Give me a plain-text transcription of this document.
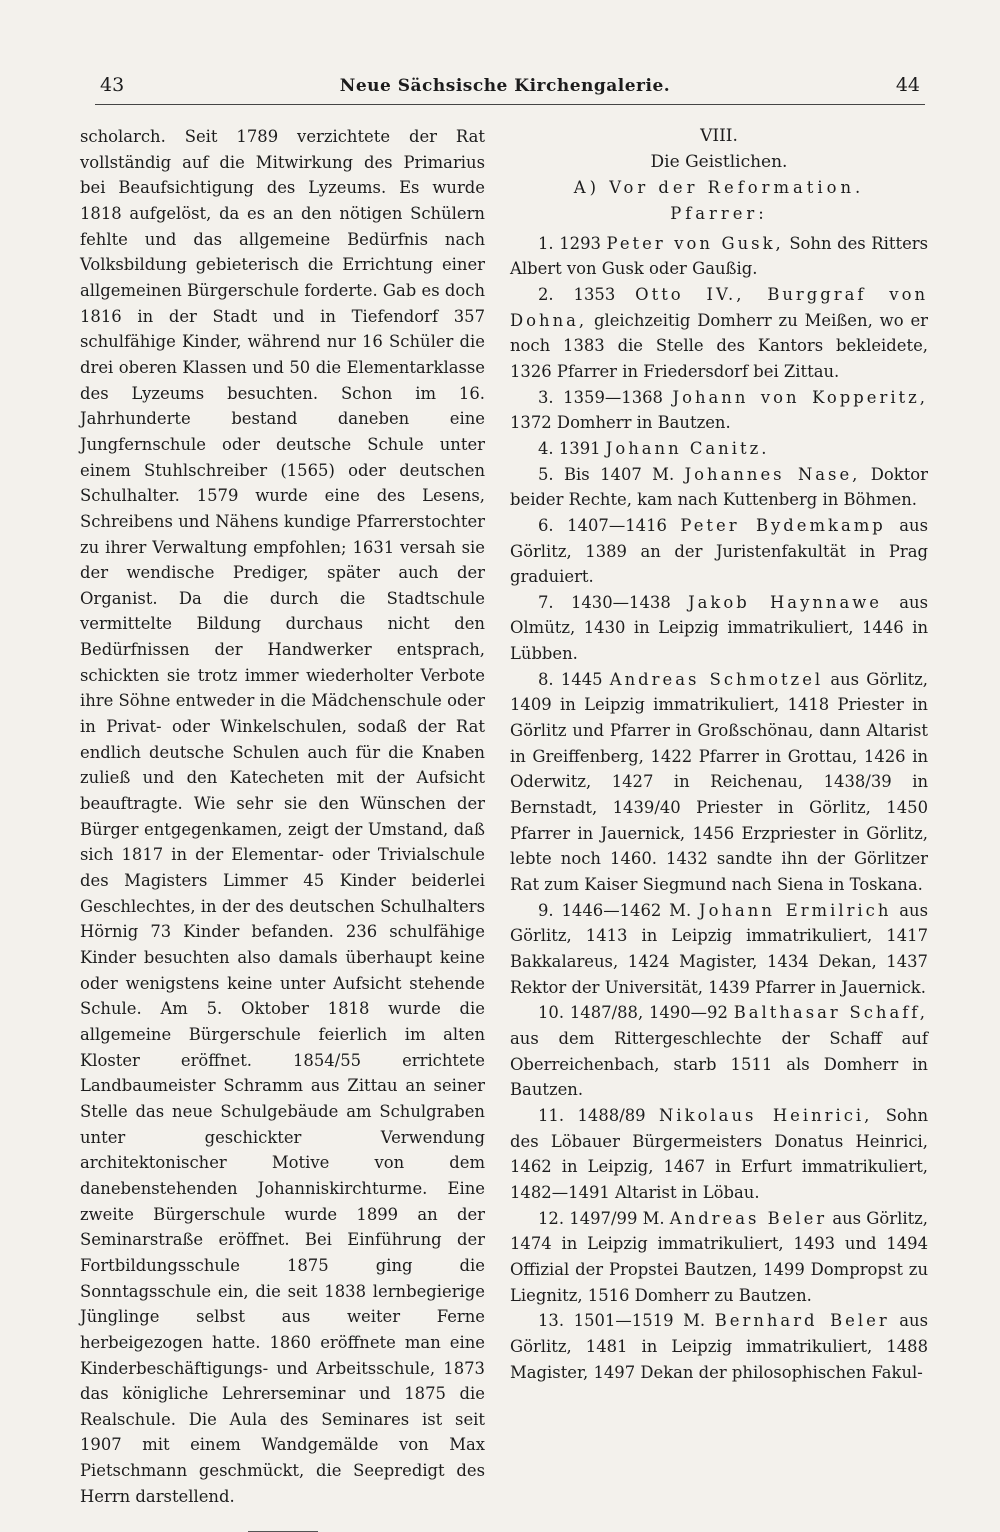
43	Neue Sächsische Kirchengalerie.	44

scholarch. Seit 1789 verzichtete der Rat vollständig auf die Mitwirkung des Primarius bei Beaufsichtigung des Lyzeums. Es wurde 1818 aufgelöst, da es an den nötigen Schülern fehlte und das allgemeine Bedürfnis nach Volksbildung gebieterisch die Errichtung einer allgemeinen Bürgerschule forderte. Gab es doch 1816 in der Stadt und in Tiefendorf 357 schulfähige Kinder, während nur 16 Schüler die drei oberen Klassen und 50 die Elementarklasse des Lyzeums besuchten. Schon im 16. Jahrhunderte bestand daneben eine Jungfernschule oder deutsche Schule unter einem Stuhlschreiber (1565) oder deutschen Schulhalter. 1579 wurde eine des Lesens, Schreibens und Nähens kundige Pfarrerstochter zu ihrer Verwaltung empfohlen; 1631 versah sie der wendische Prediger, später auch der Organist. Da die durch die Stadtschule vermittelte Bildung durchaus nicht den Bedürfnissen der Handwerker entsprach, schickten sie trotz immer wiederholter Verbote ihre Söhne entweder in die Mädchenschule oder in Privat- oder Winkelschulen, sodaß der Rat endlich deutsche Schulen auch für die Knaben zuließ und den Katecheten mit der Aufsicht beauftragte. Wie sehr sie den Wünschen der Bürger entgegenkamen, zeigt der Umstand, daß sich 1817 in der Elementar- oder Trivialschule des Magisters Limmer 45 Kinder beiderlei Geschlechtes, in der des deutschen Schulhalters Hörnig 73 Kinder befanden. 236 schulfähige Kinder besuchten also damals überhaupt keine oder wenigstens keine unter Aufsicht stehende Schule. Am 5. Oktober 1818 wurde die allgemeine Bürgerschule feierlich im alten Kloster eröffnet. 1854/55 errichtete Landbaumeister Schramm aus Zittau an seiner Stelle das neue Schulgebäude am Schulgraben unter geschickter Verwendung architektonischer Motive von dem danebenstehenden Johanniskirchturme. Eine zweite Bürgerschule wurde 1899 an der Seminarstraße eröffnet. Bei Einführung der Fortbildungsschule 1875 ging die Sonntagsschule ein, die seit 1838 lernbegierige Jünglinge selbst aus weiter Ferne herbeigezogen hatte. 1860 eröffnete man eine Kinderbeschäftigungs- und Arbeitsschule, 1873 das königliche Lehrerseminar und 1875 die Realschule. Die Aula des Seminares ist seit 1907 mit einem Wandgemälde von Max Pietschmann geschmückt, die Seepredigt des Herrn darstellend.

VIII.

Die Geistlichen.

A) Vor der Reformation.

Pfarrer:

1. 1293 Peter von Gusk, Sohn des Ritters Albert von Gusk oder Gaußig.

2. 1353 Otto IV., Burggraf von Dohna, gleichzeitig Domherr zu Meißen, wo er noch 1383 die Stelle des Kantors bekleidete, 1326 Pfarrer in Friedersdorf bei Zittau.

3. 1359—1368 Johann von Kopperitz, 1372 Domherr in Bautzen.

4. 1391 Johann Canitz.

5. Bis 1407 M. Johannes Nase, Doktor beider Rechte, kam nach Kuttenberg in Böhmen.

6. 1407—1416 Peter Bydemkamp aus Görlitz, 1389 an der Juristenfakultät in Prag graduiert.

7. 1430—1438 Jakob Haynnawe aus Olmütz, 1430 in Leipzig immatrikuliert, 1446 in Lübben.

8. 1445 Andreas Schmotzel aus Görlitz, 1409 in Leipzig immatrikuliert, 1418 Priester in Görlitz und Pfarrer in Großschönau, dann Altarist in Greiffenberg, 1422 Pfarrer in Grottau, 1426 in Oderwitz, 1427 in Reichenau, 1438/39 in Bernstadt, 1439/40 Priester in Görlitz, 1450 Pfarrer in Jauernick, 1456 Erzpriester in Görlitz, lebte noch 1460. 1432 sandte ihn der Görlitzer Rat zum Kaiser Siegmund nach Siena in Toskana.

9. 1446—1462 M. Johann Ermilrich aus Görlitz, 1413 in Leipzig immatrikuliert, 1417 Bakkalareus, 1424 Magister, 1434 Dekan, 1437 Rektor der Universität, 1439 Pfarrer in Jauernick.

10. 1487/88, 1490—92 Balthasar Schaff, aus dem Rittergeschlechte der Schaff auf Oberreichenbach, starb 1511 als Domherr in Bautzen.

11. 1488/89 Nikolaus Heinrici, Sohn des Löbauer Bürgermeisters Donatus Heinrici, 1462 in Leipzig, 1467 in Erfurt immatrikuliert, 1482—1491 Altarist in Löbau.

12. 1497/99 M. Andreas Beler aus Görlitz, 1474 in Leipzig immatrikuliert, 1493 und 1494 Offizial der Propstei Bautzen, 1499 Dompropst zu Liegnitz, 1516 Domherr zu Bautzen.

13. 1501—1519 M. Bernhard Beler aus Görlitz, 1481 in Leipzig immatrikuliert, 1488 Magister, 1497 Dekan der philosophischen Fakul-
